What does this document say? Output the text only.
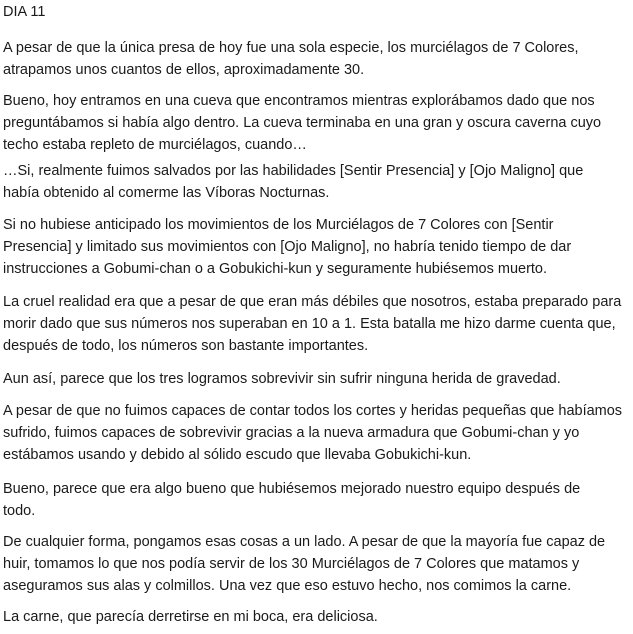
DIA 11

A pesar de que la única presa de hoy fue una sola especie, los murciélagos de 7 Colores,
atrapamos unos cuantos de ellos, aproximadamente 30.

Bueno, hoy entramos en una cueva que encontramos mientras explorábamos dado que nos
preguntábamos si había algo dentro. La cueva terminaba en una gran y oscura caverna cuyo
techo estaba repleto de murciélagos, cuando…

…Si, realmente fuimos salvados por las habilidades [Sentir Presencia] y [Ojo Maligno] que
había obtenido al comerme las Víboras Nocturnas.

Si no hubiese anticipado los movimientos de los Murciélagos de 7 Colores con [Sentir
Presencia] y limitado sus movimientos con [Ojo Maligno], no habría tenido tiempo de dar
instrucciones a Gobumi-chan o a Gobukichi-kun y seguramente hubiésemos muerto.

La cruel realidad era que a pesar de que eran más débiles que nosotros, estaba preparado para
morir dado que sus números nos superaban en 10 a 1. Esta batalla me hizo darme cuenta que,
después de todo, los números son bastante importantes.

Aun así, parece que los tres logramos sobrevivir sin sufrir ninguna herida de gravedad.

A pesar de que no fuimos capaces de contar todos los cortes y heridas pequeñas que habíamos
sufrido, fuimos capaces de sobrevivir gracias a la nueva armadura que Gobumi-chan y yo
estábamos usando y debido al sólido escudo que llevaba Gobukichi-kun.

Bueno, parece que era algo bueno que hubiésemos mejorado nuestro equipo después de
todo.

De cualquier forma, pongamos esas cosas a un lado. A pesar de que la mayoría fue capaz de
huir, tomamos lo que nos podía servir de los 30 Murciélagos de 7 Colores que matamos y
aseguramos sus alas y colmillos. Una vez que eso estuvo hecho, nos comimos la carne.

La carne, que parecía derretirse en mi boca, era deliciosa.
